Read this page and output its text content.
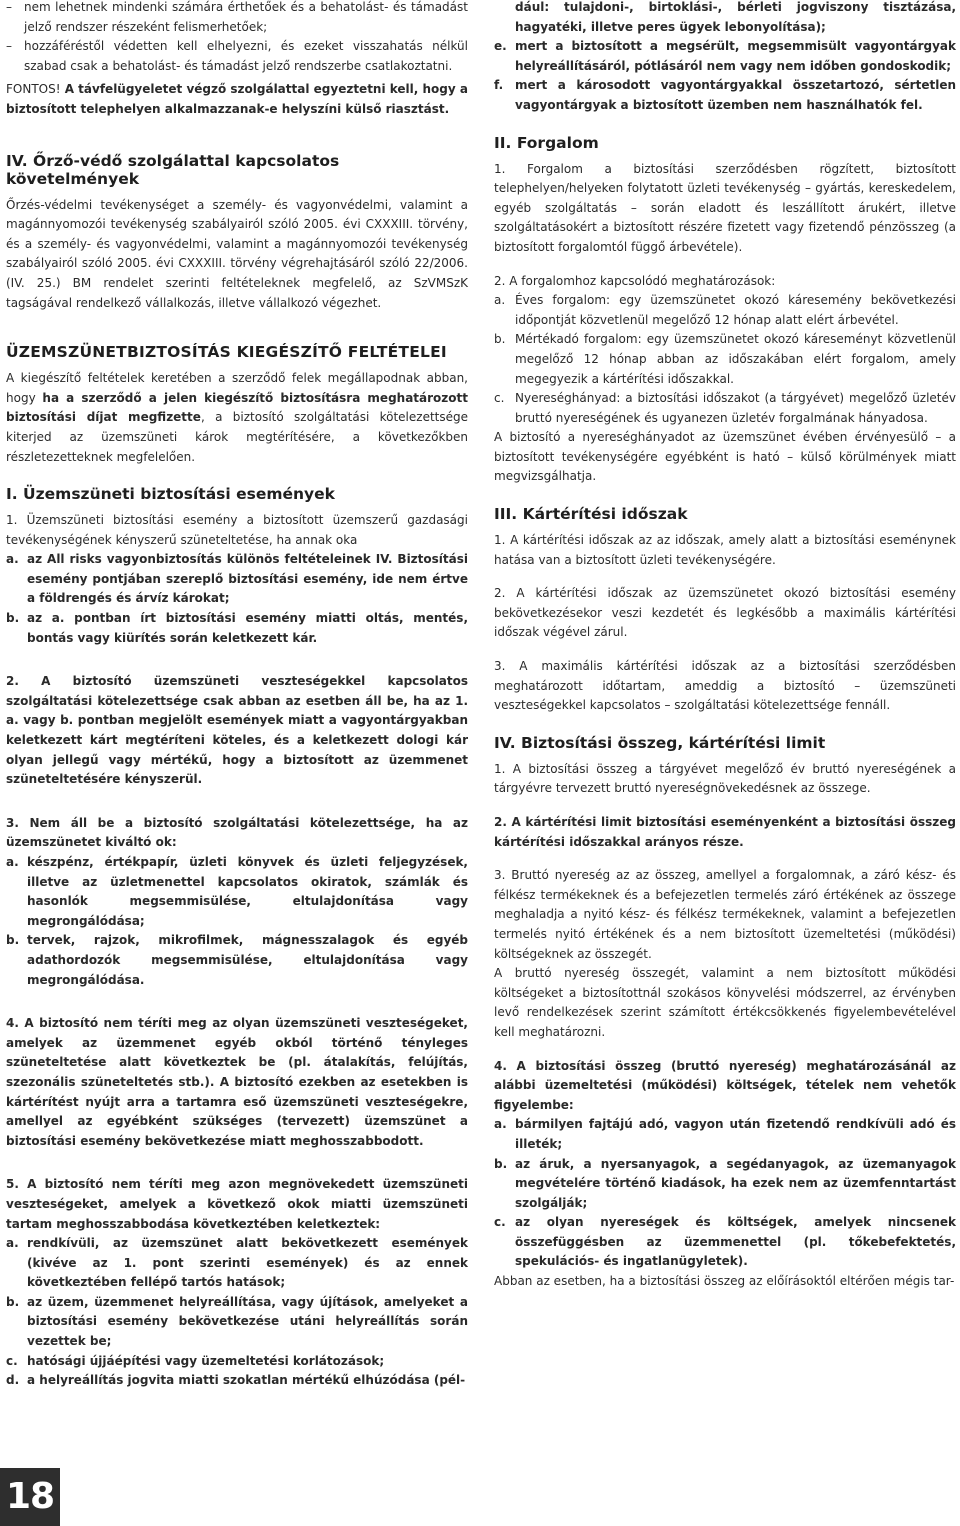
– nem lehetnek mindenki számára érthetőek és a behatolást- és támadást jelző rendszer részeként felismerhetőek;
– hozzáféréstől védetten kell elhelyezni, és ezeket visszahatás nélkül szabad csak a behatolást- és támadást jelző rendszerbe csatlakoztatni.

FONTOS! A távfelügyeletet végző szolgálattal egyeztetni kell, hogy a biztosított telephelyen alkalmazzanak-e helyszíni külső riasztást.

IV. Őrző-védő szolgálattal kapcsolatos követelmények

Őrzés-védelmi tevékenységet a személy- és vagyonvédelmi, valamint a magánnyomozói tevékenység szabályairól szóló 2005. évi CXXXIII. törvény, és a személy- és vagyonvédelmi, valamint a magánnyomozói tevékenység szabályairól szóló 2005. évi CXXXIII. törvény végrehajtásáról szóló 22/2006. (IV. 25.) BM rendelet szerinti feltételeknek megfelelő, az SzVMSzK tagságával rendelkező vállalkozás, illetve vállalkozó végezhet.

ÜZEMSZÜNETBIZTOSÍTÁS KIEGÉSZÍTŐ FELTÉTELEI

A kiegészítő feltételek keretében a szerződő felek megállapodnak abban, hogy ha a szerződő a jelen kiegészítő biztosításra meghatározott biztosítási díjat megfizette, a biztosító szolgáltatási kötelezettsége kiterjed az üzemszüneti károk megtérítésére, a következőkben részletezetteknek megfelelően.

I. Üzemszüneti biztosítási események

1. Üzemszüneti biztosítási esemény a biztosított üzemszerű gazdasági tevékenységének kényszerű szüneteltetése, ha annak oka

a. az All risks vagyonbiztosítás különös feltételeinek IV. Biztosítási esemény pontjában szereplő biztosítási esemény, ide nem értve a földrengés és árvíz károkat;
b. az a. pontban írt biztosítási esemény miatti oltás, mentés, bontás vagy kiürítés során keletkezett kár.

2. A biztosító üzemszüneti veszteségekkel kapcsolatos szolgáltatási kötelezettsége csak abban az esetben áll be, ha az 1. a. vagy b. pontban megjelölt események miatt a vagyontárgyakban keletkezett kárt megtéríteni köteles, és a keletkezett dologi kár olyan jellegű vagy mértékű, hogy a biztosított az üzemmenet szüneteltetésére kényszerül.

3. Nem áll be a biztosító szolgáltatási kötelezettsége, ha az üzemszünetet kiváltó ok:

a. készpénz, értékpapír, üzleti könyvek és üzleti feljegyzések, illetve az üzletmenettel kapcsolatos okiratok, számlák és hasonlók megsemmisülése, eltulajdonítása vagy megrongálódása;
b. tervek, rajzok, mikrofilmek, mágnesszalagok és egyéb adathordozók megsemmisülése, eltulajdonítása vagy megrongálódása.

4. A biztosító nem téríti meg az olyan üzemszüneti veszteségeket, amelyek az üzemmenet egyéb okból történő tényleges szüneteltetése alatt következtek be (pl. átalakítás, felújítás, szezonális szüneteltetés stb.). A biztosító ezekben az esetekben is kártérítést nyújt arra a tartamra eső üzemszüneti veszteségekre, amellyel az egyébként szükséges (tervezett) üzemszünet a biztosítási esemény bekövetkezése miatt meghosszabbodott.

5. A biztosító nem téríti meg azon megnövekedett üzemszüneti veszteségeket, amelyek a következő okok miatti üzemszüneti tartam meghosszabbodása következtében keletkeztek:

a. rendkívüli, az üzemszünet alatt bekövetkezett események (kivéve az 1. pont szerinti események) és az ennek következtében fellépő tartós hatások;
b. az üzem, üzemmenet helyreállítása, vagy újítások, amelyeket a biztosítási esemény bekövetkezése utáni helyreállítás során vezettek be;
c. hatósági újjáépítési vagy üzemeltetési korlátozások;
d. a helyreállítás jogvita miatti szokatlan mértékű elhúzódása (pél-
dául: tulajdoni-, birtoklási-, bérleti jogviszony tisztázása, hagyatéki, illetve peres ügyek lebonyolítása);
e. mert a biztosított a megsérült, megsemmisült vagyontárgyak helyreállításáról, pótlásáról nem vagy nem időben gondoskodik;
f. mert a károsodott vagyontárgyakkal összetartozó, sértetlen vagyontárgyak a biztosított üzemben nem használhatók fel.
II. Forgalom

1. Forgalom a biztosítási szerződésben rögzített, biztosított telephelyen/helyeken folytatott üzleti tevékenység – gyártás, kereskedelem, egyéb szolgáltatás – során eladott és leszállított árukért, illetve szolgáltatásokért a biztosított részére fizetett vagy fizetendő pénzösszeg (a biztosított forgalomtól függő árbevétele).

2. A forgalomhoz kapcsolódó meghatározások:

a. Éves forgalom: egy üzemszünetet okozó káresemény bekövetkezési időpontját közvetlenül megelőző 12 hónap alatt elért árbevétel.
b. Mértékadó forgalom: egy üzemszünetet okozó káreseményt közvetlenül megelőző 12 hónap abban az időszakában elért forgalom, amely megegyezik a kártérítési időszakkal.
c. Nyereséghányad: a biztosítási időszakot (a tárgyévet) megelőző üzletév bruttó nyereségének és ugyanezen üzletév forgalmának hányadosa.

A biztosító a nyereséghányadot az üzemszünet évében érvényesülő – a biztosított tevékenységére egyébként is ható – külső körülmények miatt megvizsgálhatja.

III. Kártérítési időszak

1. A kártérítési időszak az az időszak, amely alatt a biztosítási eseménynek hatása van a biztosított üzleti tevékenységére.

2. A kártérítési időszak az üzemszünetet okozó biztosítási esemény bekövetkezésekor veszi kezdetét és legkésőbb a maximális kártérítési időszak végével zárul.

3. A maximális kártérítési időszak az a biztosítási szerződésben meghatározott időtartam, ameddig a biztosító – üzemszüneti veszteségekkel kapcsolatos – szolgáltatási kötelezettsége fennáll.

IV. Biztosítási összeg, kártérítési limit

1. A biztosítási összeg a tárgyévet megelőző év bruttó nyereségének a tárgyévre tervezett bruttó nyereségnövekedésnek az összege.

2. A kártérítési limit biztosítási eseményenként a biztosítási összeg kártérítési időszakkal arányos része.

3. Bruttó nyereség az az összeg, amellyel a forgalomnak, a záró kész- és félkész termékeknek és a befejezetlen termelés záró értékének az összege meghaladja a nyitó kész- és félkész termékeknek, valamint a befejezetlen termelés nyitó értékének és a nem biztosított üzemeltetési (működési) költségeknek az összegét.

A bruttó nyereség összegét, valamint a nem biztosított működési költségeket a biztosítottnál szokásos könyvelési módszerrel, az érvényben levő rendelkezések szerint számított értékcsökkenés figyelembevételével kell meghatározni.

4. A biztosítási összeg (bruttó nyereség) meghatározásánál az alábbi üzemeltetési (működési) költségek, tételek nem vehetők figyelembe:

a. bármilyen fajtájú adó, vagyon után fizetendő rendkívüli adó és illeték;
b. az áruk, a nyersanyagok, a segédanyagok, az üzemanyagok megvételére történő kiadások, ha ezek nem az üzemfenntartást szolgálják;
c. az olyan nyereségek és költségek, amelyek nincsenek összefüggésben az üzemmenettel (pl. tőkebefektetés, spekulációs- és ingatlanügyletek).

Abban az esetben, ha a biztosítási összeg az előírásoktól eltérően mégis tar-

18
